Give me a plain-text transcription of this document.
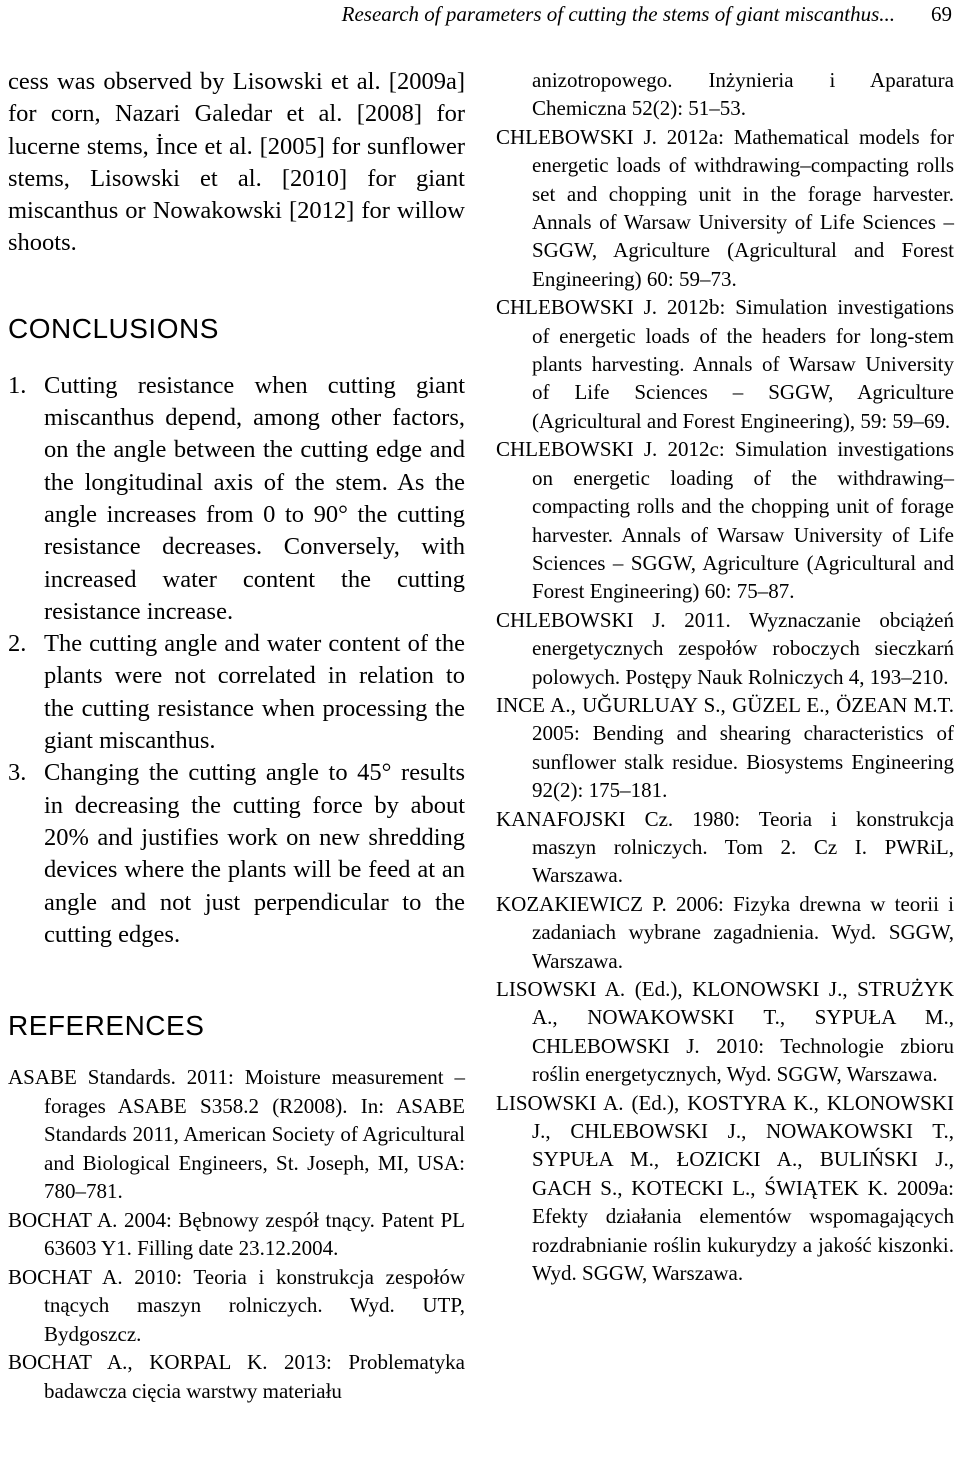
Research of parameters of cutting the stems of giant miscanthus... 69

cess was observed by Lisowski et al. [2009a] for corn, Nazari Galedar et al. [2008] for lucerne stems, İnce et al. [2005] for sunflower stems, Lisowski et al. [2010] for giant miscanthus or Nowakowski [2012] for willow shoots.

CONCLUSIONS
1. Cutting resistance when cutting giant miscanthus depend, among other factors, on the angle between the cutting edge and the longitudinal axis of the stem. As the angle increases from 0 to 90° the cutting resistance decreases. Conversely, with increased water content the cutting resistance increase.
2. The cutting angle and water content of the plants were not correlated in relation to the cutting resistance when processing the giant miscanthus.
3. Changing the cutting angle to 45° results in decreasing the cutting force by about 20% and justifies work on new shredding devices where the plants will be feed at an angle and not just perpendicular to the cutting edges.
REFERENCES
ASABE Standards. 2011: Moisture measurement – forages ASABE S358.2 (R2008). In: ASABE Standards 2011, American Society of Agricultural and Biological Engineers, St. Joseph, MI, USA: 780–781.
BOCHAT A. 2004: Bębnowy zespół tnący. Patent PL 63603 Y1. Filling date 23.12.2004.
BOCHAT A. 2010: Teoria i konstrukcja zespołów tnących maszyn rolniczych. Wyd. UTP, Bydgoszcz.
BOCHAT A., KORPAL K. 2013: Problematyka badawcza cięcia warstwy materiału
anizotropowego. Inżynieria i Aparatura Chemiczna 52(2): 51–53.
CHLEBOWSKI J. 2012a: Mathematical models for energetic loads of withdrawing–compacting rolls set and chopping unit in the forage harvester. Annals of Warsaw University of Life Sciences – SGGW, Agriculture (Agricultural and Forest Engineering) 60: 59–73.
CHLEBOWSKI J. 2012b: Simulation investigations of energetic loads of the headers for long-stem plants harvesting. Annals of Warsaw University of Life Sciences – SGGW, Agriculture (Agricultural and Forest Engineering), 59: 59–69.
CHLEBOWSKI J. 2012c: Simulation investigations on energetic loading of the withdrawing–compacting rolls and the chopping unit of forage harvester. Annals of Warsaw University of Life Sciences – SGGW, Agriculture (Agricultural and Forest Engineering) 60: 75–87.
CHLEBOWSKI J. 2011. Wyznaczanie obciążeń energetycznych zespołów roboczych sieczkarń polowych. Postępy Nauk Rolniczych 4, 193–210.
INCE A., UĞURLUAY S., GÜZEL E., ÖZEAN M.T. 2005: Bending and shearing characteristics of sunflower stalk residue. Biosystems Engineering 92(2): 175–181.
KANAFOJSKI Cz. 1980: Teoria i konstrukcja maszyn rolniczych. Tom 2. Cz I. PWRiL, Warszawa.
KOZAKIEWICZ P. 2006: Fizyka drewna w teorii i zadaniach wybrane zagadnienia. Wyd. SGGW, Warszawa.
LISOWSKI A. (Ed.), KLONOWSKI J., STRUŻYK A., NOWAKOWSKI T., SYPUŁA M., CHLEBOWSKI J. 2010: Technologie zbioru roślin energetycznych, Wyd. SGGW, Warszawa.
LISOWSKI A. (Ed.), KOSTYRA K., KLONOWSKI J., CHLEBOWSKI J., NOWAKOWSKI T., SYPUŁA M., ŁOZICKI A., BULIŃSKI J., GACH S., KOTECKI L., ŚWIĄTEK K. 2009a: Efekty działania elementów wspomagających rozdrabnianie roślin kukurydzy a jakość kiszonki. Wyd. SGGW, Warszawa.
